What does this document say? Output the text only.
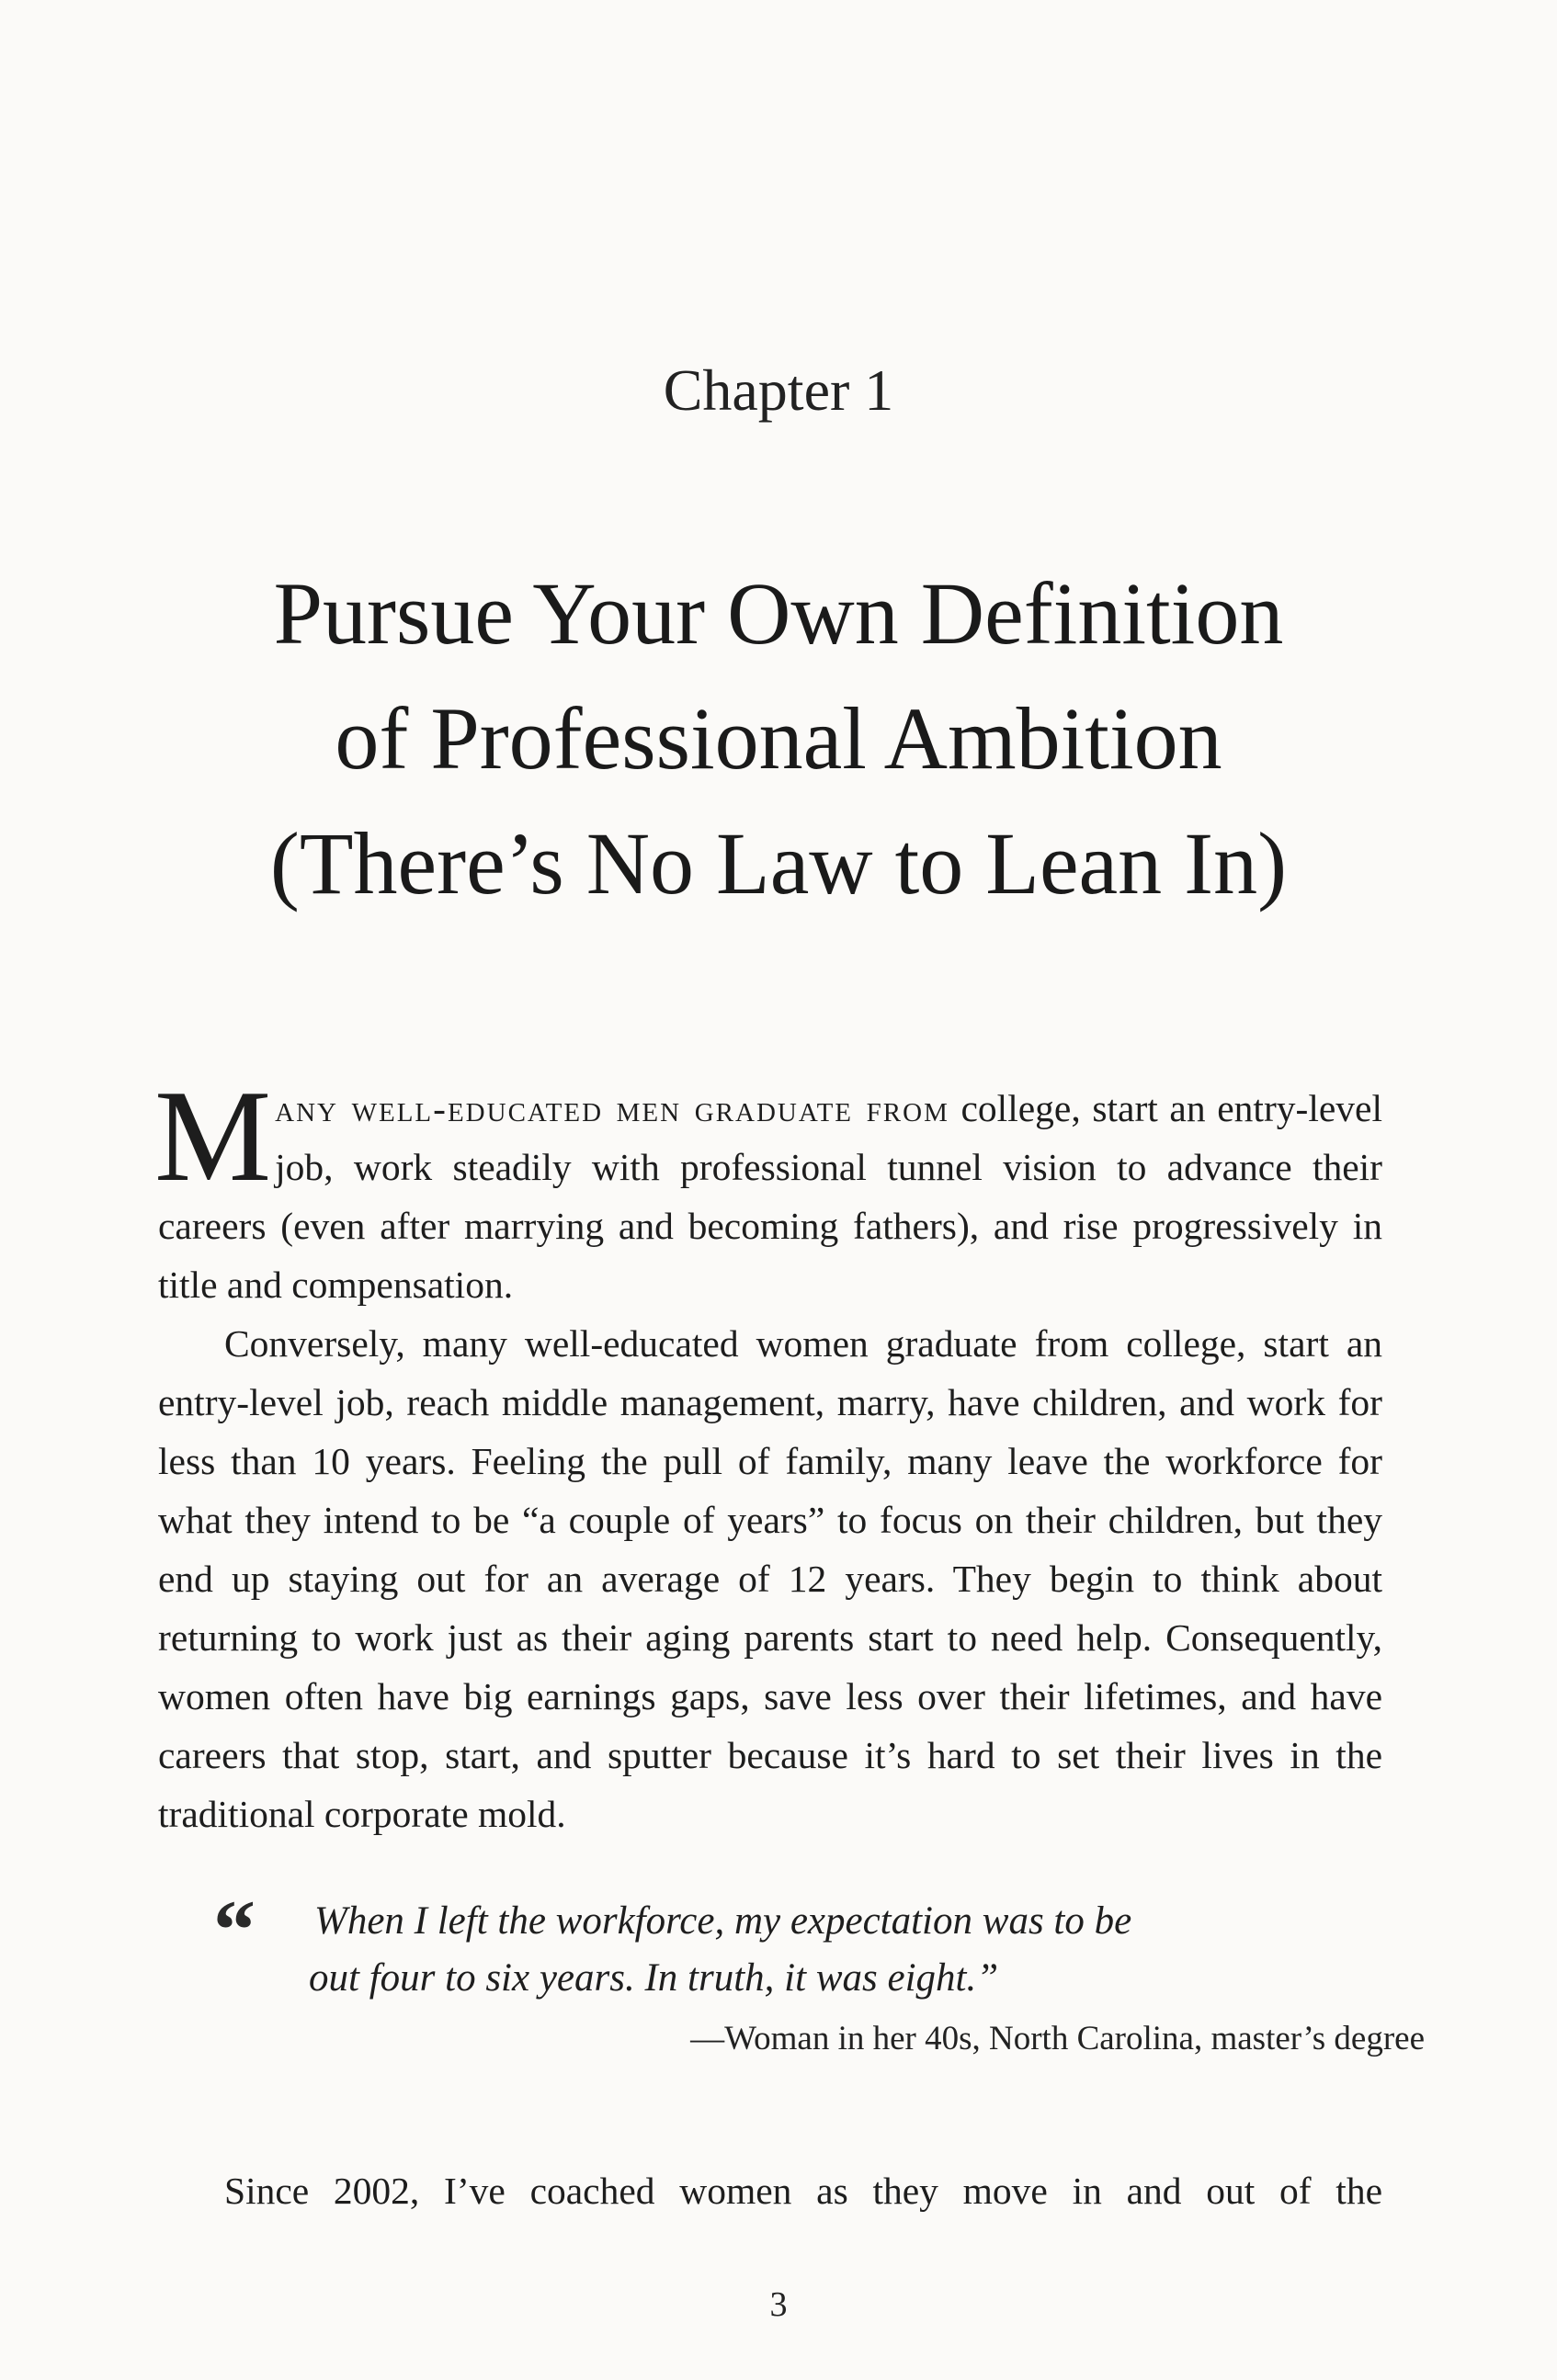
Chapter 1
Pursue Your Own Definition
of Professional Ambition
(There’s No Law to Lean In)

Many well-educated men graduate from college, start an entry-level job, work steadily with professional tunnel vision to advance their careers (even after marrying and becoming fathers), and rise progressively in title and compensation.

Conversely, many well-educated women graduate from college, start an entry-level job, reach middle management, marry, have children, and work for less than 10 years. Feeling the pull of family, many leave the workforce for what they intend to be “a couple of years” to focus on their children, but they end up staying out for an average of 12 years. They begin to think about returning to work just as their aging parents start to need help. Consequently, women often have big earnings gaps, save less over their lifetimes, and have careers that stop, start, and sputter because it’s hard to set their lives in the traditional corporate mold.

“ When I left the workforce, my expectation was to be
out four to six years. In truth, it was eight.”
—Woman in her 40s, North Carolina, master’s degree
Since 2002, I’ve coached women as they move in and out of the
3
